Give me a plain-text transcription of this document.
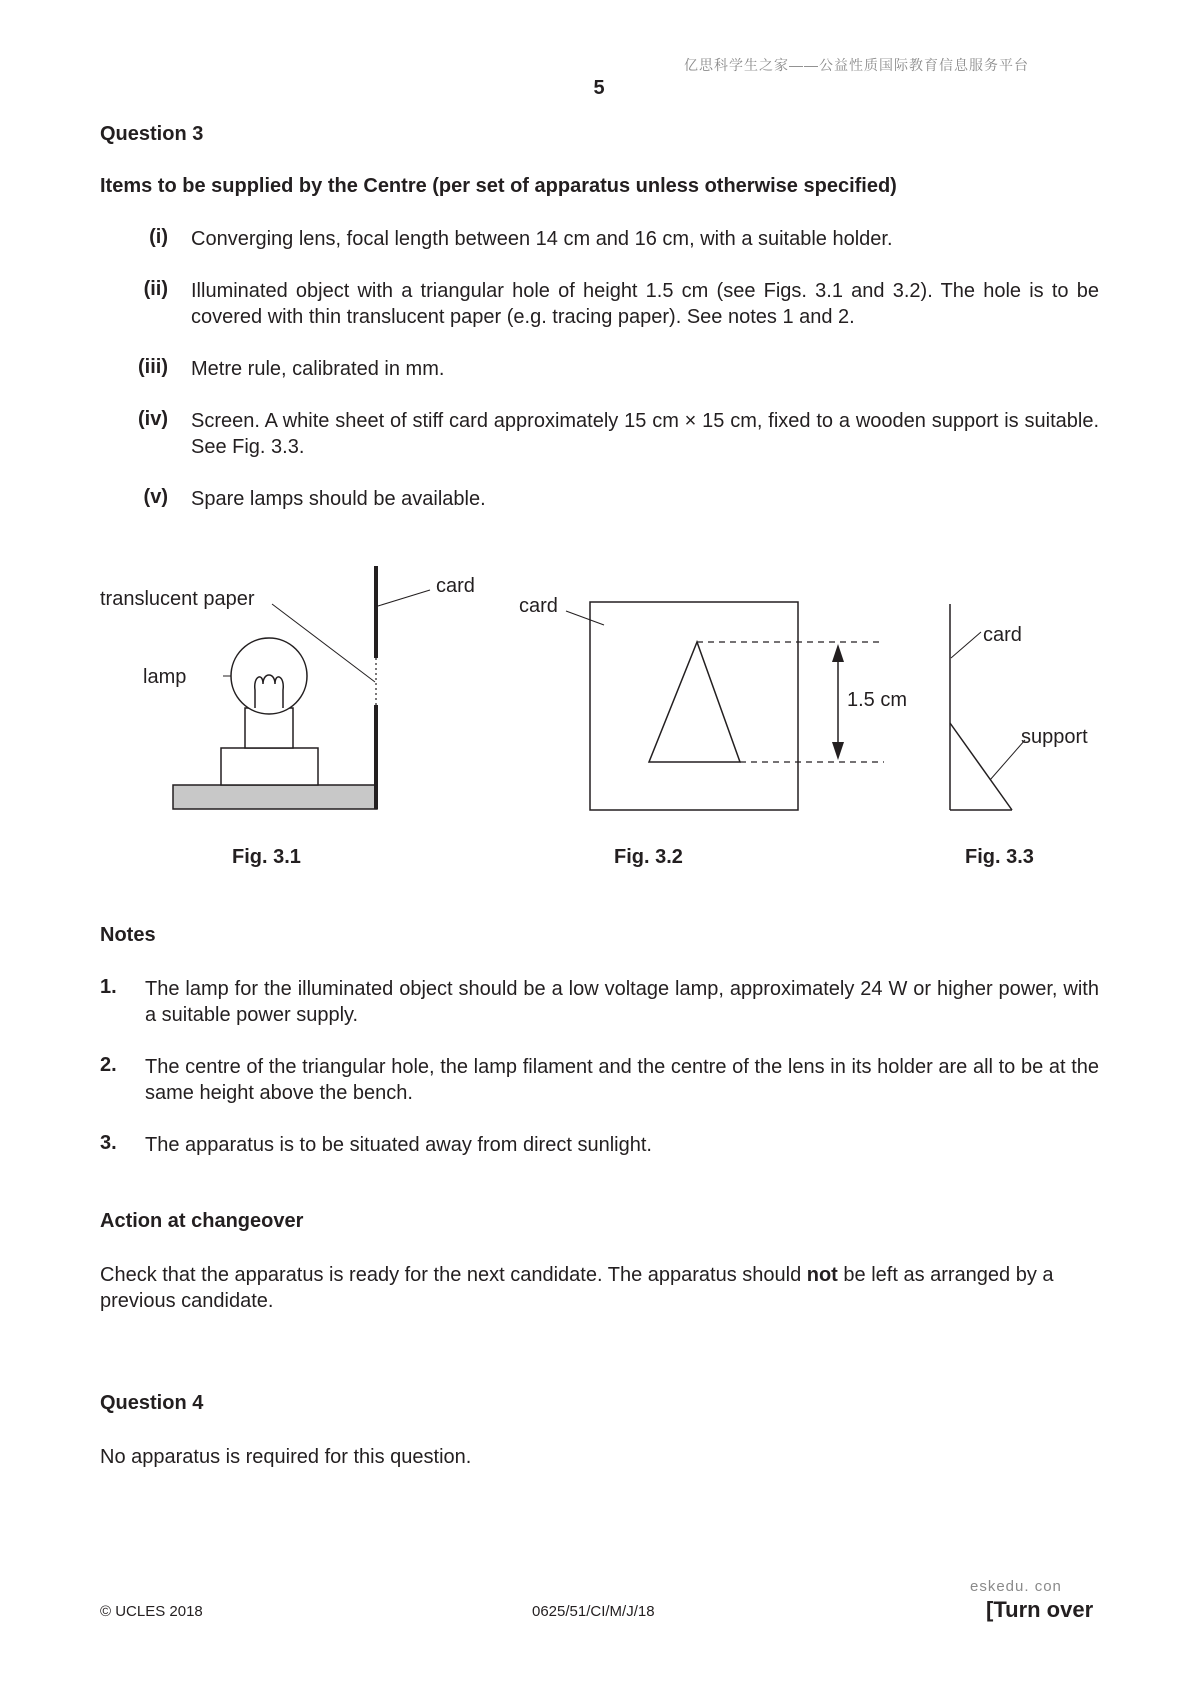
亿思科学生之家——公益性质国际教育信息服务平台
5
Question 3
Items to be supplied by the Centre (per set of apparatus unless otherwise specified)
(i) Converging lens, focal length between 14 cm and 16 cm, with a suitable holder.
(ii) Illuminated object with a triangular hole of height 1.5 cm (see Figs. 3.1 and 3.2). The hole is to be covered with thin translucent paper (e.g. tracing paper). See notes 1 and 2.
(iii) Metre rule, calibrated in mm.
(iv) Screen. A white sheet of stiff card approximately 15 cm × 15 cm, fixed to a wooden support is suitable. See Fig. 3.3.
(v) Spare lamps should be available.
translucent paper
card
lamp
card
1.5 cm
card
support
Fig. 3.1	Fig. 3.2	Fig. 3.3
Notes
1. The lamp for the illuminated object should be a low voltage lamp, approximately 24 W or higher power, with a suitable power supply.
2. The centre of the triangular hole, the lamp filament and the centre of the lens in its holder are all to be at the same height above the bench.
3. The apparatus is to be situated away from direct sunlight.
Action at changeover
Check that the apparatus is ready for the next candidate. The apparatus should not be left as arranged by a previous candidate.
Question 4
No apparatus is required for this question.
eskedu. con
© UCLES 2018	0625/51/CI/M/J/18	[Turn over
